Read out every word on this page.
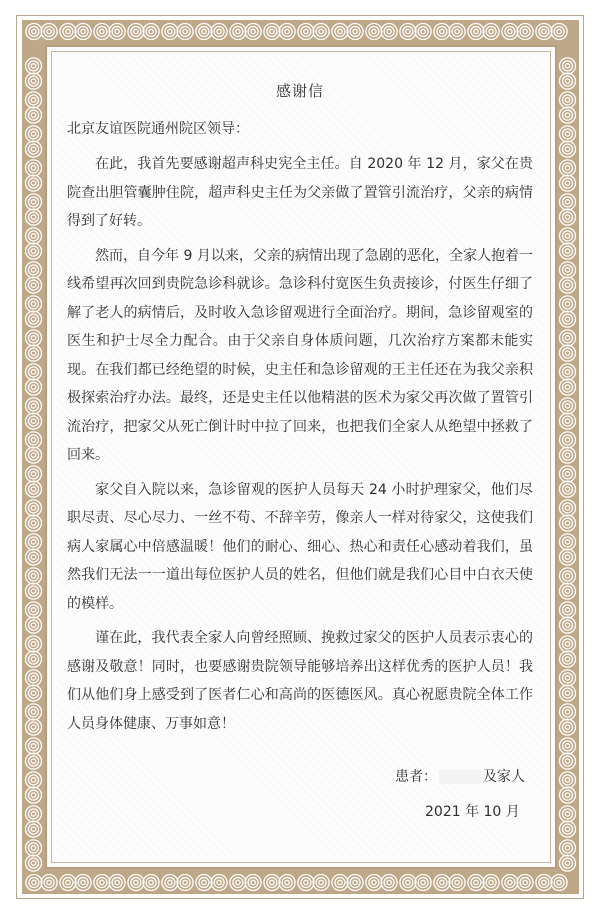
感谢信
北京友谊医院通州院区领导：

在此，我首先要感谢超声科史宪全主任。自 2020 年 12 月，家父在贵院查出胆管囊肿住院，超声科史主任为父亲做了置管引流治疗，父亲的病情得到了好转。

然而，自今年 9 月以来，父亲的病情出现了急剧的恶化，全家人抱着一线希望再次回到贵院急诊科就诊。急诊科付宽医生负责接诊，付医生仔细了解了老人的病情后，及时收入急诊留观进行全面治疗。期间，急诊留观室的医生和护士尽全力配合。由于父亲自身体质问题，几次治疗方案都未能实现。在我们都已经绝望的时候，史主任和急诊留观的王主任还在为我父亲积极探索治疗办法。最终，还是史主任以他精湛的医术为家父再次做了置管引流治疗，把家父从死亡倒计时中拉了回来，也把我们全家人从绝望中拯救了回来。

家父自入院以来，急诊留观的医护人员每天 24 小时护理家父，他们尽职尽责、尽心尽力、一丝不苟、不辞辛劳，像亲人一样对待家父，这使我们病人家属心中倍感温暖！他们的耐心、细心、热心和责任心感动着我们，虽然我们无法一一道出每位医护人员的姓名，但他们就是我们心目中白衣天使的模样。

谨在此，我代表全家人向曾经照顾、挽救过家父的医护人员表示衷心的感谢及敬意！同时，也要感谢贵院领导能够培养出这样优秀的医护人员！我们从他们身上感受到了医者仁心和高尚的医德医风。真心祝愿贵院全体工作人员身体健康、万事如意！

患者：	及家人
2021 年 10 月
